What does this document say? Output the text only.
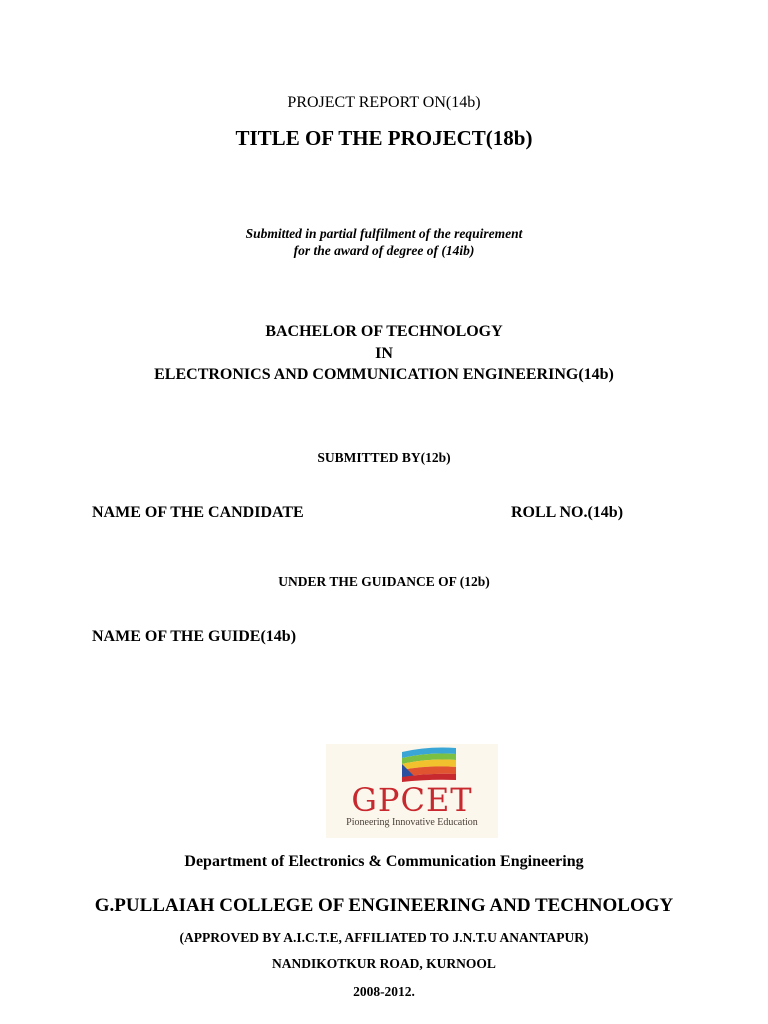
PROJECT REPORT ON(14b)
TITLE OF THE PROJECT(18b)
Submitted in partial fulfilment of the requirement
for the award of degree of (14ib)
BACHELOR OF TECHNOLOGY
IN
ELECTRONICS AND COMMUNICATION ENGINEERING(14b)
SUBMITTED BY(12b)
NAME OF THE CANDIDATE	ROLL NO.(14b)
UNDER THE GUIDANCE OF (12b)
NAME OF THE GUIDE(14b)
GPCET
Pioneering Innovative Education
Department of Electronics & Communication Engineering
G.PULLAIAH COLLEGE OF ENGINEERING AND TECHNOLOGY
(APPROVED BY A.I.C.T.E, AFFILIATED TO J.N.T.U ANANTAPUR)
NANDIKOTKUR ROAD, KURNOOL
2008-2012.
